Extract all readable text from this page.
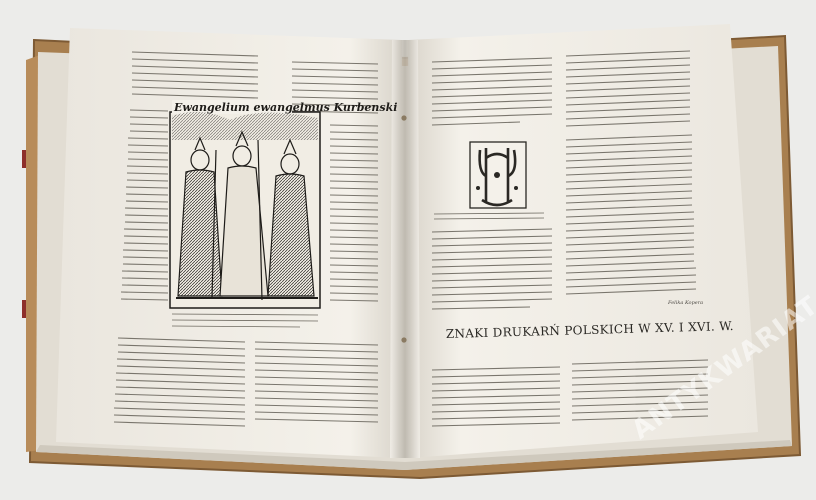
Ewangelium ewangelmus Kurbenski
Felika Kopera
ZNAKI DRUKARŃ POLSKICH W XV. I XVI. W.
ANTYKWARIAT
